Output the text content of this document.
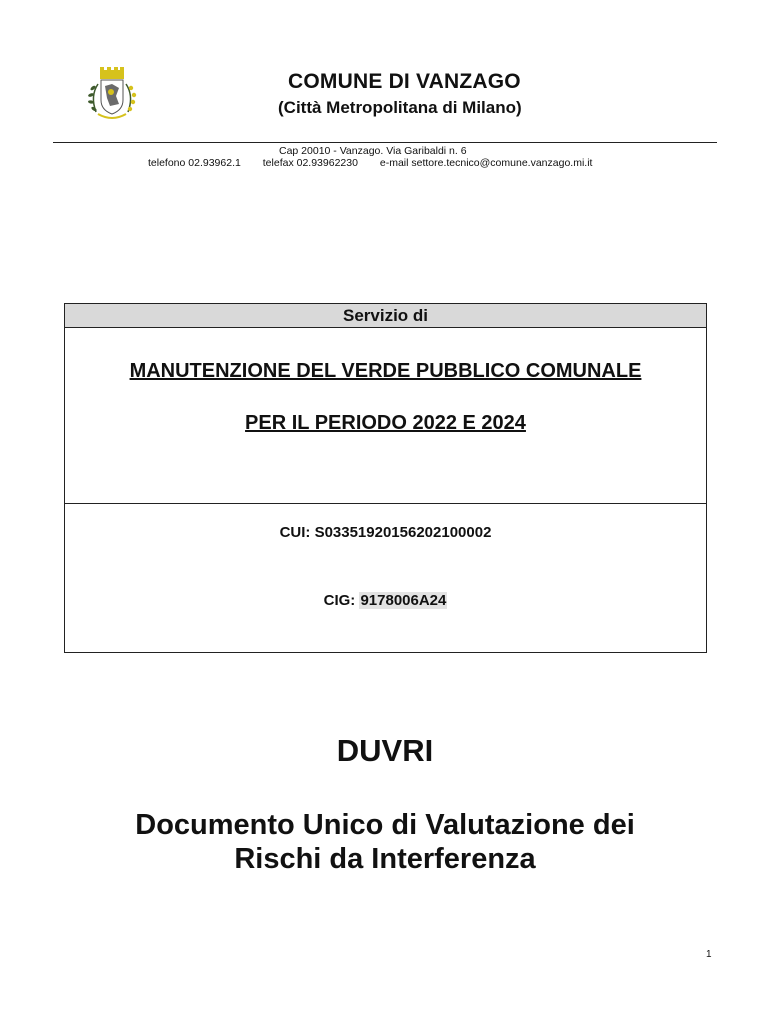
COMUNE DI VANZAGO
(Città Metropolitana di Milano)
Cap 20010 - Vanzago. Via Garibaldi n. 6
telefono 02.93962.1 telefax 02.93962230 e-mail settore.tecnico@comune.vanzago.mi.it
Servizio di
MANUTENZIONE DEL VERDE PUBBLICO COMUNALE
PER IL PERIODO 2022 E 2024
CUI: S03351920156202100002
CIG: 9178006A24
DUVRI
Documento Unico di Valutazione dei
Rischi da Interferenza
1
